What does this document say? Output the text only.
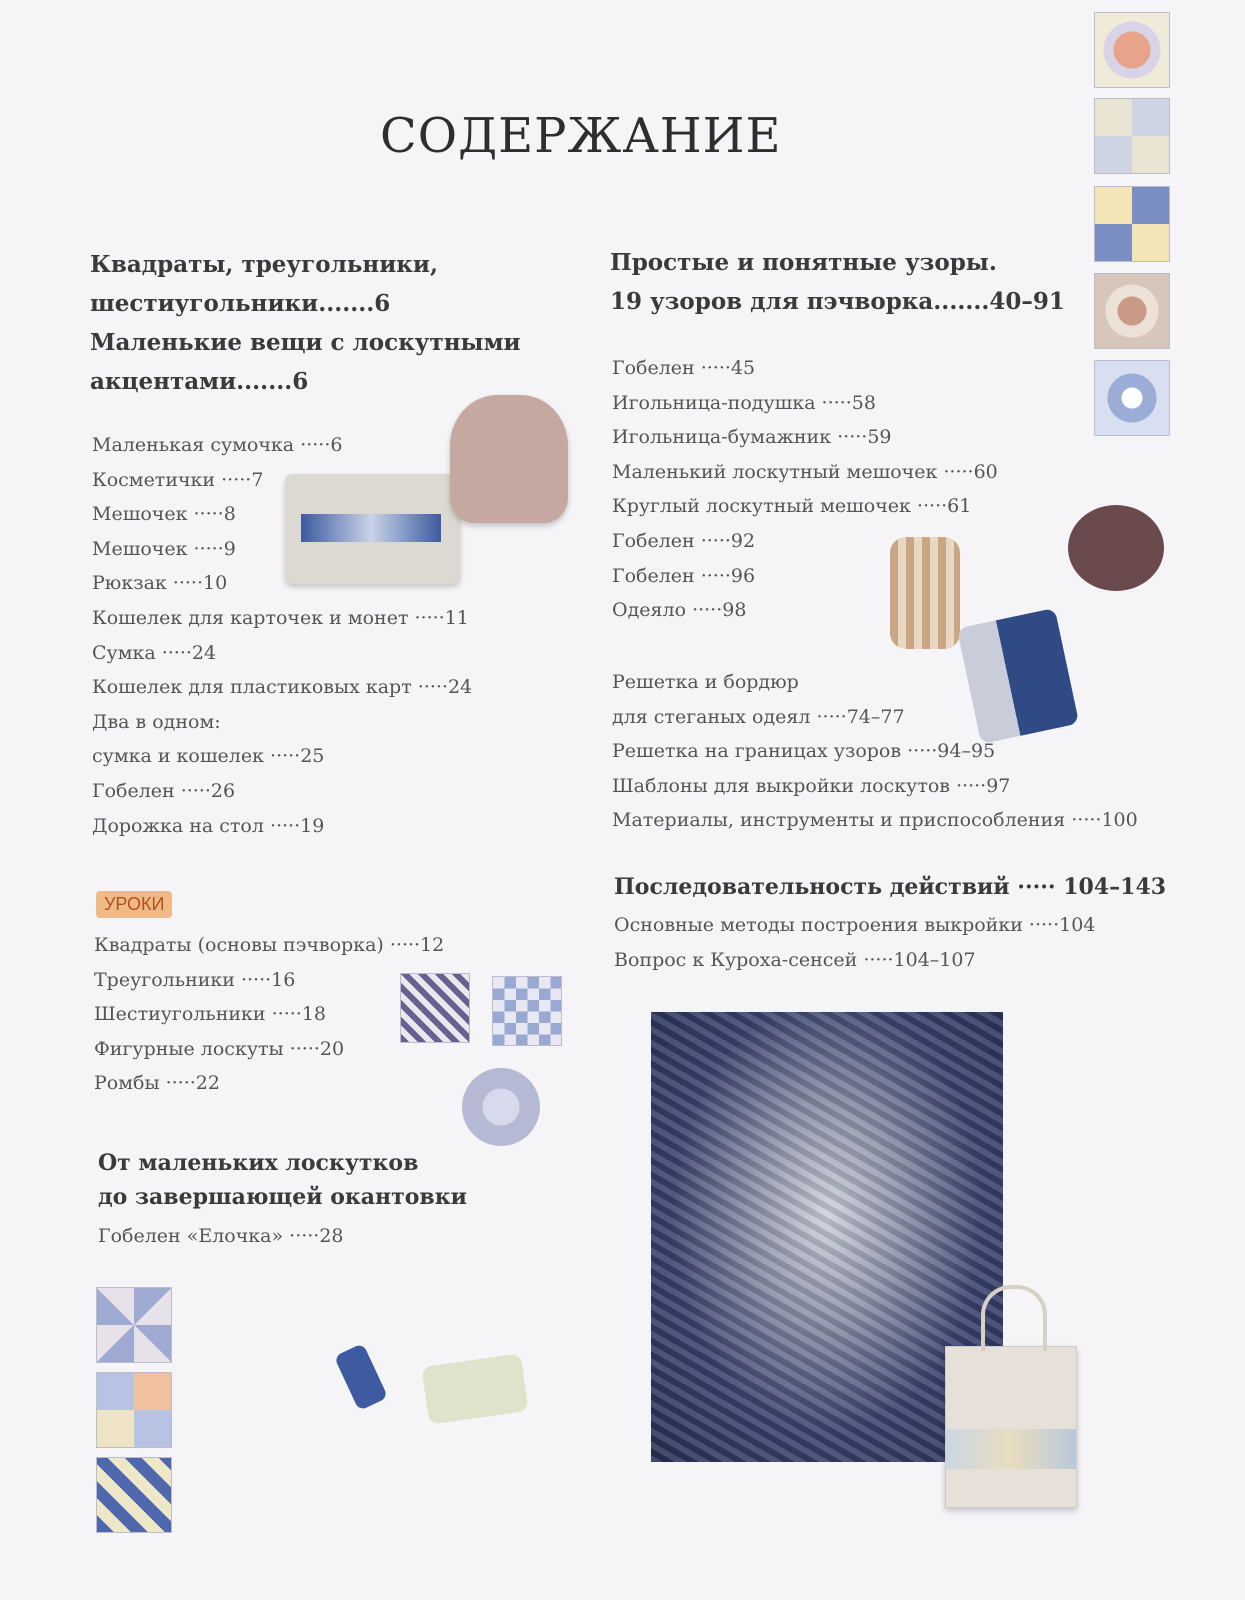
СОДЕРЖАНИЕ
Квадраты, треугольники,
шестиугольники.......6
Маленькие вещи с лоскутными
акцентами.......6
Маленькая сумочка ·····6
Косметички ·····7
Мешочек ·····8
Мешочек ·····9
Рюкзак ·····10
Кошелек для карточек и монет ·····11
Сумка ·····24
Кошелек для пластиковых карт ·····24
Два в одном:
сумка и кошелек ·····25
Гобелен ·····26
Дорожка на стол ·····19
УРОКИ
Квадраты (основы пэчворка) ·····12
Треугольники ·····16
Шестиугольники ·····18
Фигурные лоскуты ·····20
Ромбы ·····22
От маленьких лоскутков
до завершающей окантовки
Гобелен «Елочка» ·····28
Простые и понятные узоры.
19 узоров для пэчворка.......40–91
Гобелен ·····45
Игольница-подушка ·····58
Игольница-бумажник ·····59
Маленький лоскутный мешочек ·····60
Круглый лоскутный мешочек ·····61
Гобелен ·····92
Гобелен ·····96
Одеяло ·····98
Решетка и бордюр
для стеганых одеял ·····74–77
Решетка на границах узоров ·····94–95
Шаблоны для выкройки лоскутов ·····97
Материалы, инструменты и приспособления ·····100
Последовательность действий ····· 104–143
Основные методы построения выкройки ·····104
Вопрос к Куроха-сенсей ·····104–107
